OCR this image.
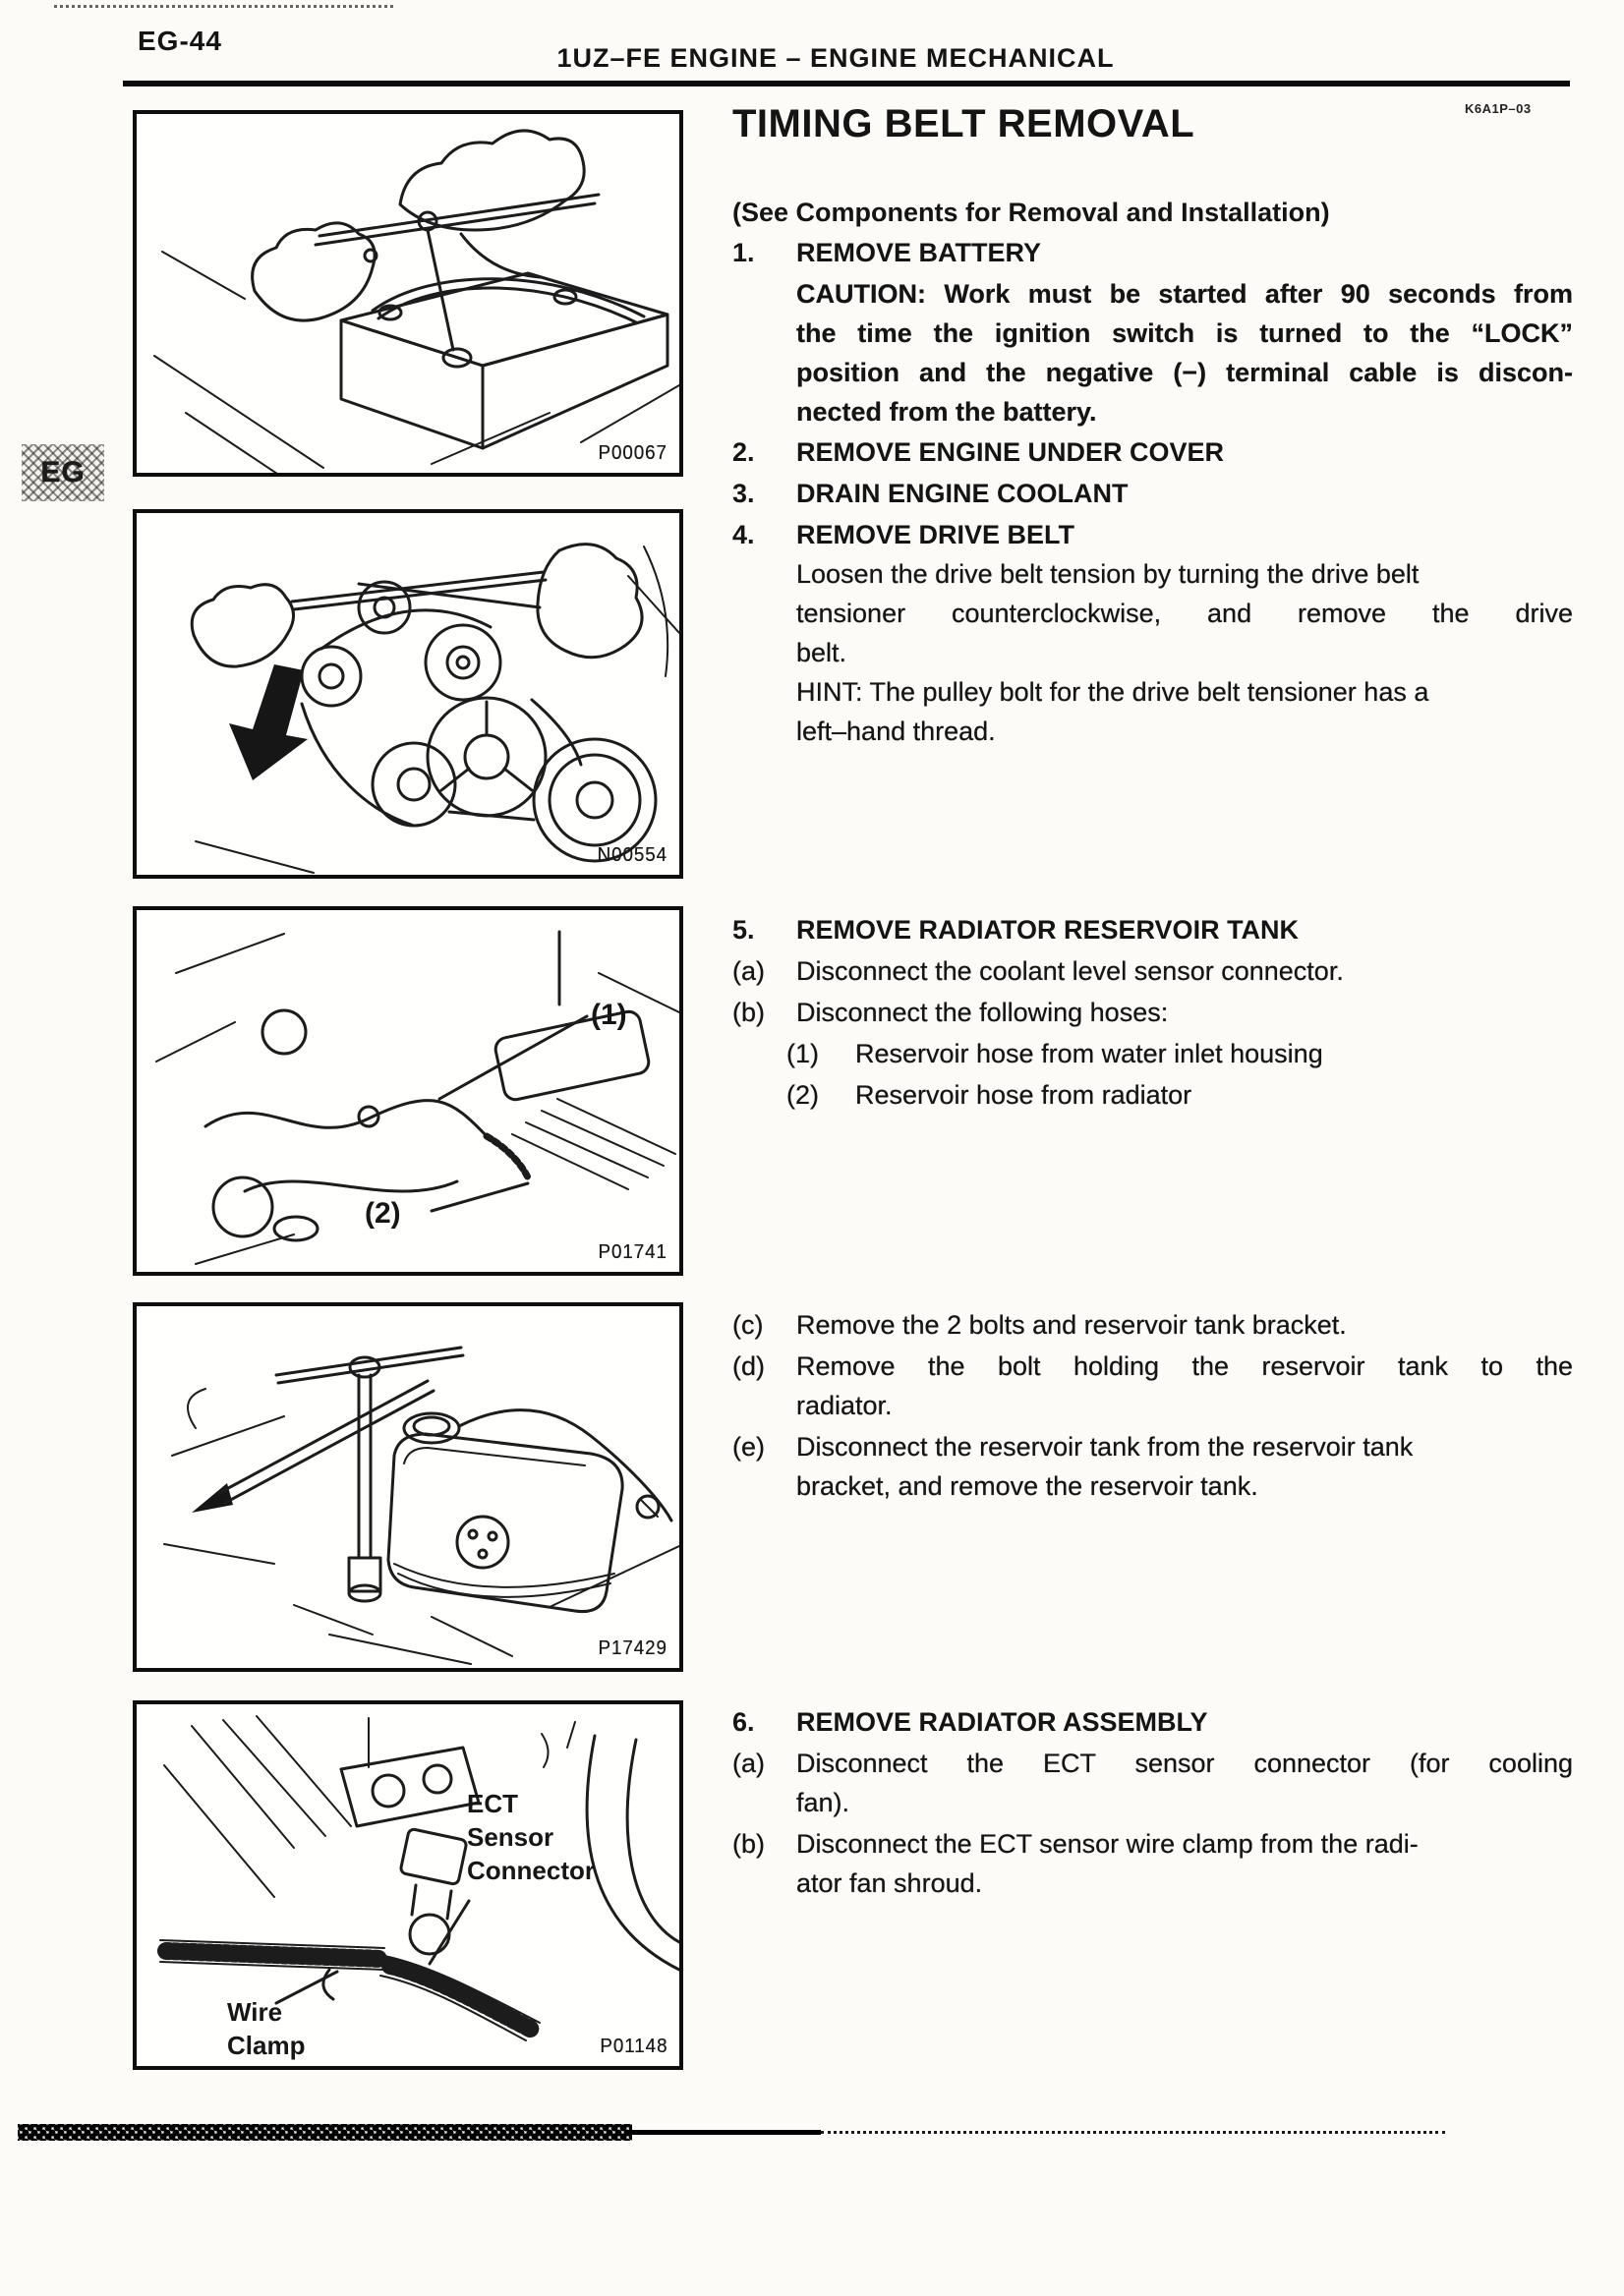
EG-44
1UZ–FE ENGINE – ENGINE MECHANICAL
K6A1P–03
EG
P00067
N00554
(1)
(2)
P01741
P17429
ECT
Sensor
Connector
Wire
Clamp	P01148
TIMING BELT REMOVAL
(See Components for Removal and Installation)
1.	REMOVE BATTERY
CAUTION: Work must be started after 90 seconds from
the time the ignition switch is turned to the “LOCK”
position and the negative (−) terminal cable is discon-
nected from the battery.
2.	REMOVE ENGINE UNDER COVER
3.	DRAIN ENGINE COOLANT
4.	REMOVE DRIVE BELT
Loosen the drive belt tension by turning the drive belt
tensioner counterclockwise, and remove the drive
belt.
HINT: The pulley bolt for the drive belt tensioner has a
left–hand thread.
5.	REMOVE RADIATOR RESERVOIR TANK
(a)	Disconnect the coolant level sensor connector.
(b)	Disconnect the following hoses:
(1)	Reservoir hose from water inlet housing
(2)	Reservoir hose from radiator
(c)	Remove the 2 bolts and reservoir tank bracket.
(d)	Remove the bolt holding the reservoir tank to the
radiator.
(e)	Disconnect the reservoir tank from the reservoir tank
bracket, and remove the reservoir tank.
6.	REMOVE RADIATOR ASSEMBLY
(a)	Disconnect the ECT sensor connector (for cooling
fan).
(b)	Disconnect the ECT sensor wire clamp from the radi-
ator fan shroud.
